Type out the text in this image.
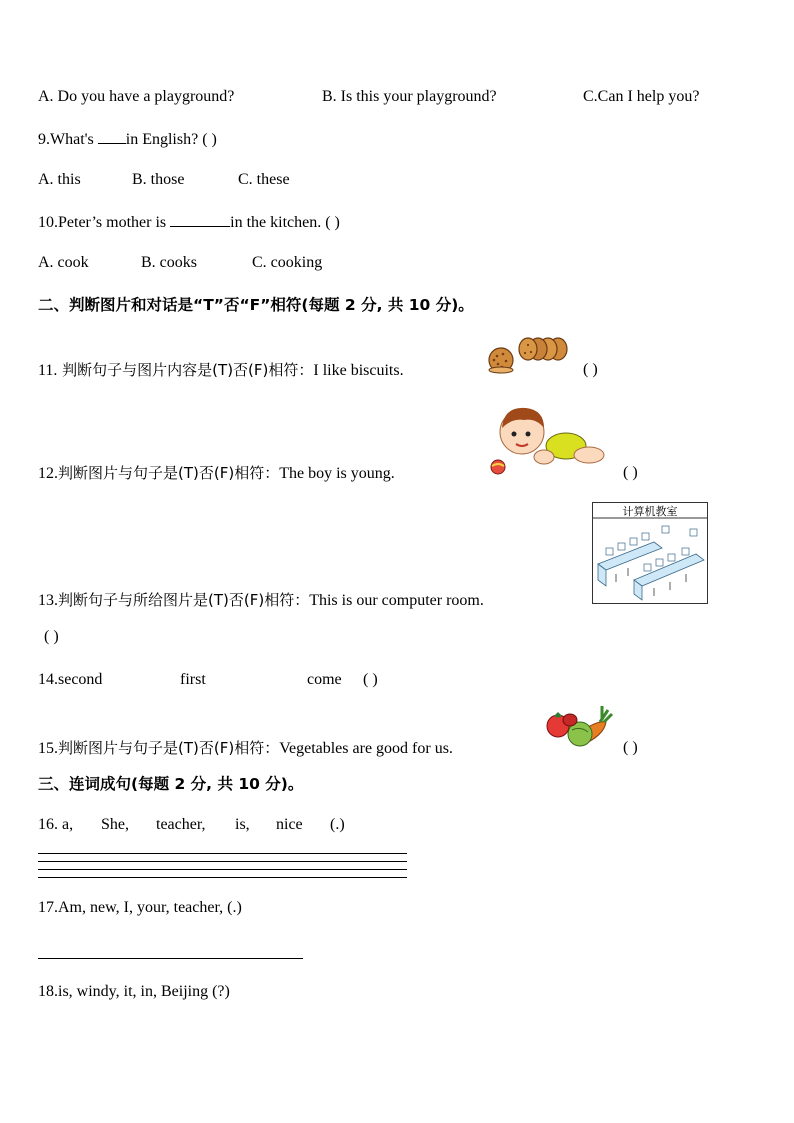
A. Do you have a playground?	B. Is this your playground?	C.Can I help you?
9.What's in English? ( )
A. this	B. those	C. these
10.Peter’s mother is	in the kitchen. ( )
A. cook	B. cooks	C. cooking
二、判断图片和对话是“T”否“F”相符(每题 2 分, 共 10 分)。
11. 判断句子与图片内容是(T)否(F)相符：I like biscuits.	( )
12.判断图片与句子是(T)否(F)相符：The boy is young.	( )
计算机教室
13.判断句子与所给图片是(T)否(F)相符：This is our computer room.
( )
14.second	first	come ( )
15.判断图片与句子是(T)否(F)相符：Vegetables are good for us.	( )
三、连词成句(每题 2 分, 共 10 分)。
16. a, She, teacher, is, nice (.)
17.Am, new, I, your, teacher, (.)
18.is, windy, it, in, Beijing (?)
